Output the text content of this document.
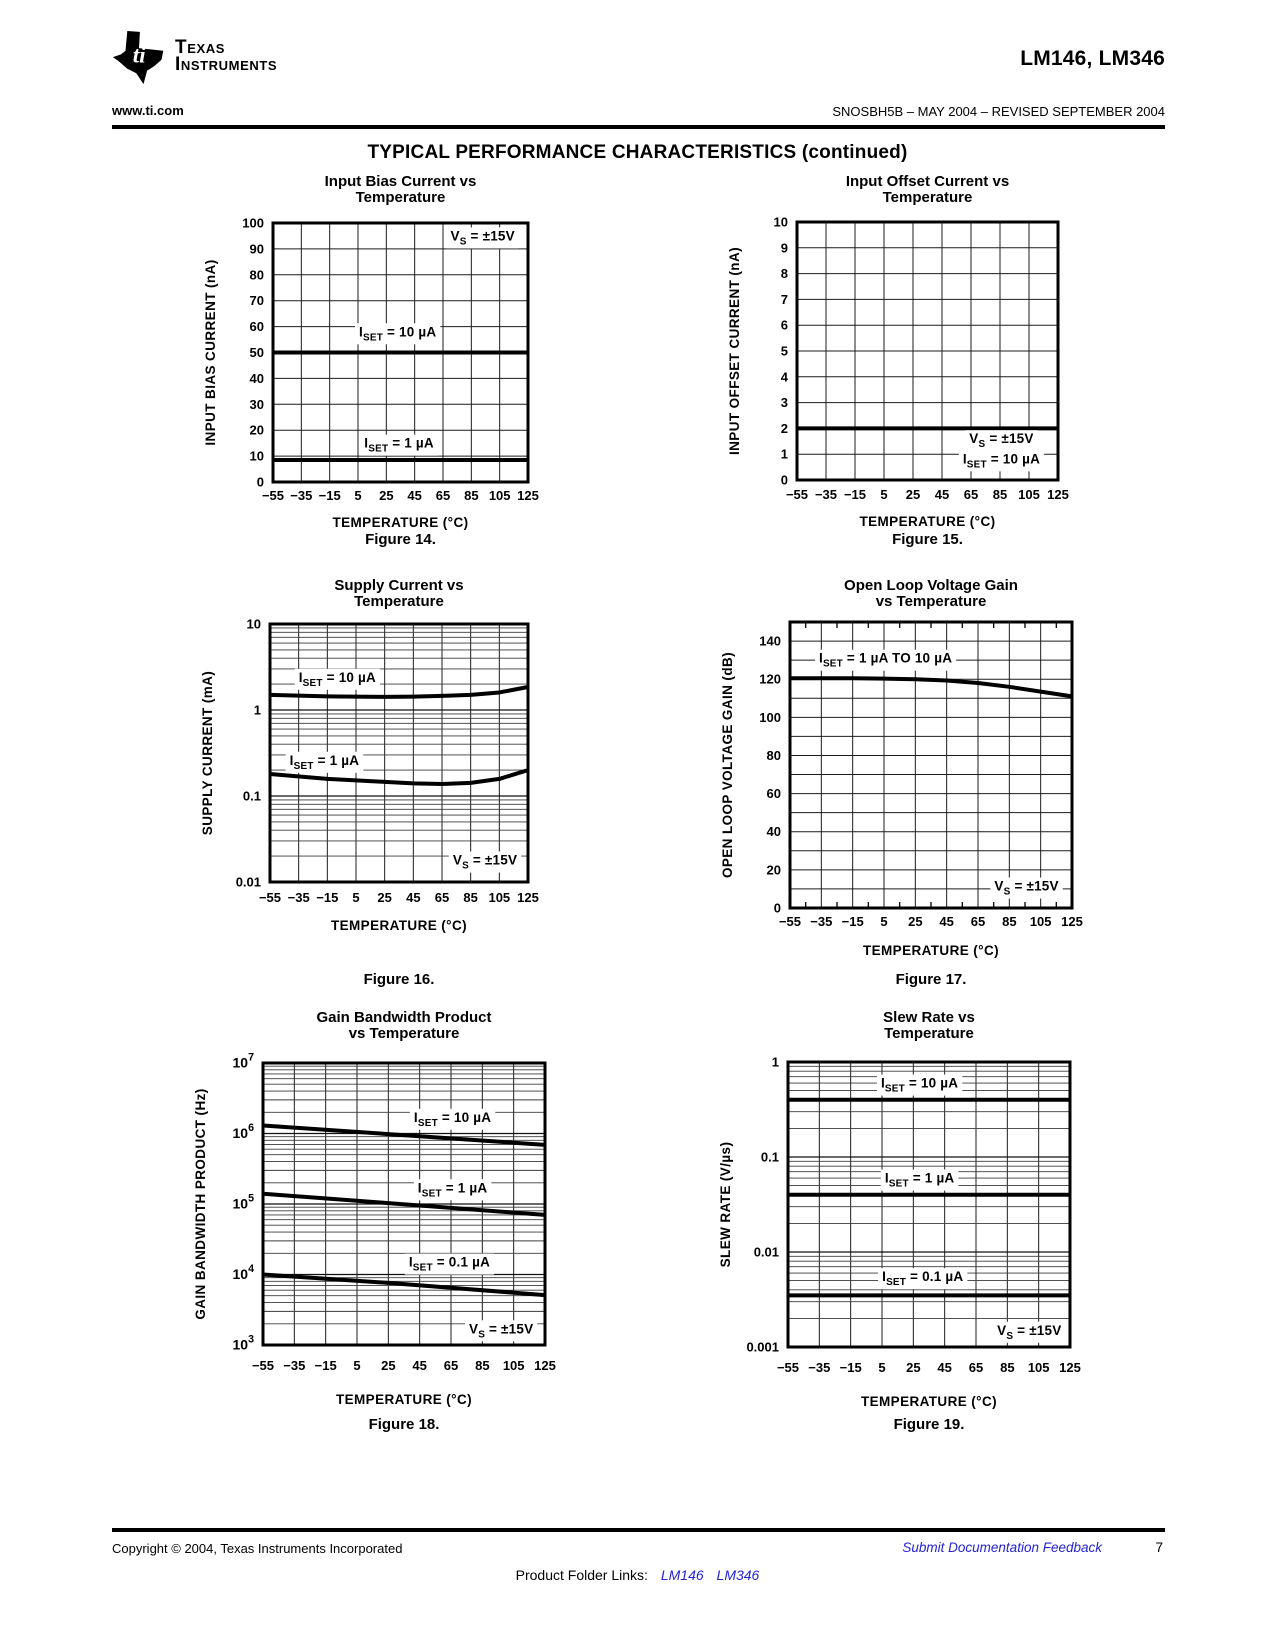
ti Texas
Instruments	LM146, LM346
www.ti.com	SNOSBH5B – MAY 2004 – REVISED SEPTEMBER 2004
TYPICAL PERFORMANCE CHARACTERISTICS (continued)
Input Bias Current vs
Temperature
0
10
20
30
40
50
60
70
80
90
100
−55 −35 −15 5 25 45 65 85 105 125
INPUT BIAS CURRENT (nA)
TEMPERATURE (°C)
$V_S = \pm 15V$
$I_{SET} = 10$ µA
$I_{SET} = 1$ µA
Figure 14.
Input Offset Current vs
Temperature
0
1
2
3
4
5
6
7
8
9
10
−55 −35 −15 5 25 45 65 85 105 125
INPUT OFFSET CURRENT (nA)
TEMPERATURE (°C)
$V_S = \pm 15V$
$I_{SET} = 10$ µA
Figure 15.
Supply Current vs
Temperature
0.01
0.1
1
10
−55 −35 −15 5 25 45 65 85 105 125
SUPPLY CURRENT (mA)
TEMPERATURE (°C)
$I_{SET} = 10$ µA
$I_{SET} = 1$ µA
$V_S = \pm 15V$
Figure 16.
Open Loop Voltage Gain
vs Temperature
0
20
40
60
80
100
120
140
−55 −35 −15 5 25 45 65 85 105 125
OPEN LOOP VOLTAGE GAIN (dB)
TEMPERATURE (°C)
$I_{SET} = 1$ µA TO 10 µA
$V_S = \pm 15V$
Figure 17.
Gain Bandwidth Product
vs Temperature
$10^3$
$10^4$
$10^5$
$10^6$
$10^7$
−55 −35 −15 5 25 45 65 85 105 125
GAIN BANDWIDTH PRODUCT (Hz)
TEMPERATURE (°C)
$I_{SET} = 10$ µA
$I_{SET} = 1$ µA
$I_{SET} = 0.1$ µA
$V_S = \pm 15V$
Figure 18.
Slew Rate vs
Temperature
0.001
0.01
0.1
1
−55 −35 −15 5 25 45 65 85 105 125
SLEW RATE (V/µs)
TEMPERATURE (°C)
$I_{SET} = 10$ µA
$I_{SET} = 1$ µA
$I_{SET} = 0.1$ µA
$V_S = \pm 15V$
Figure 19.
Copyright © 2004, Texas Instruments Incorporated	Submit Documentation Feedback	7
Product Folder Links: LM146 LM346
